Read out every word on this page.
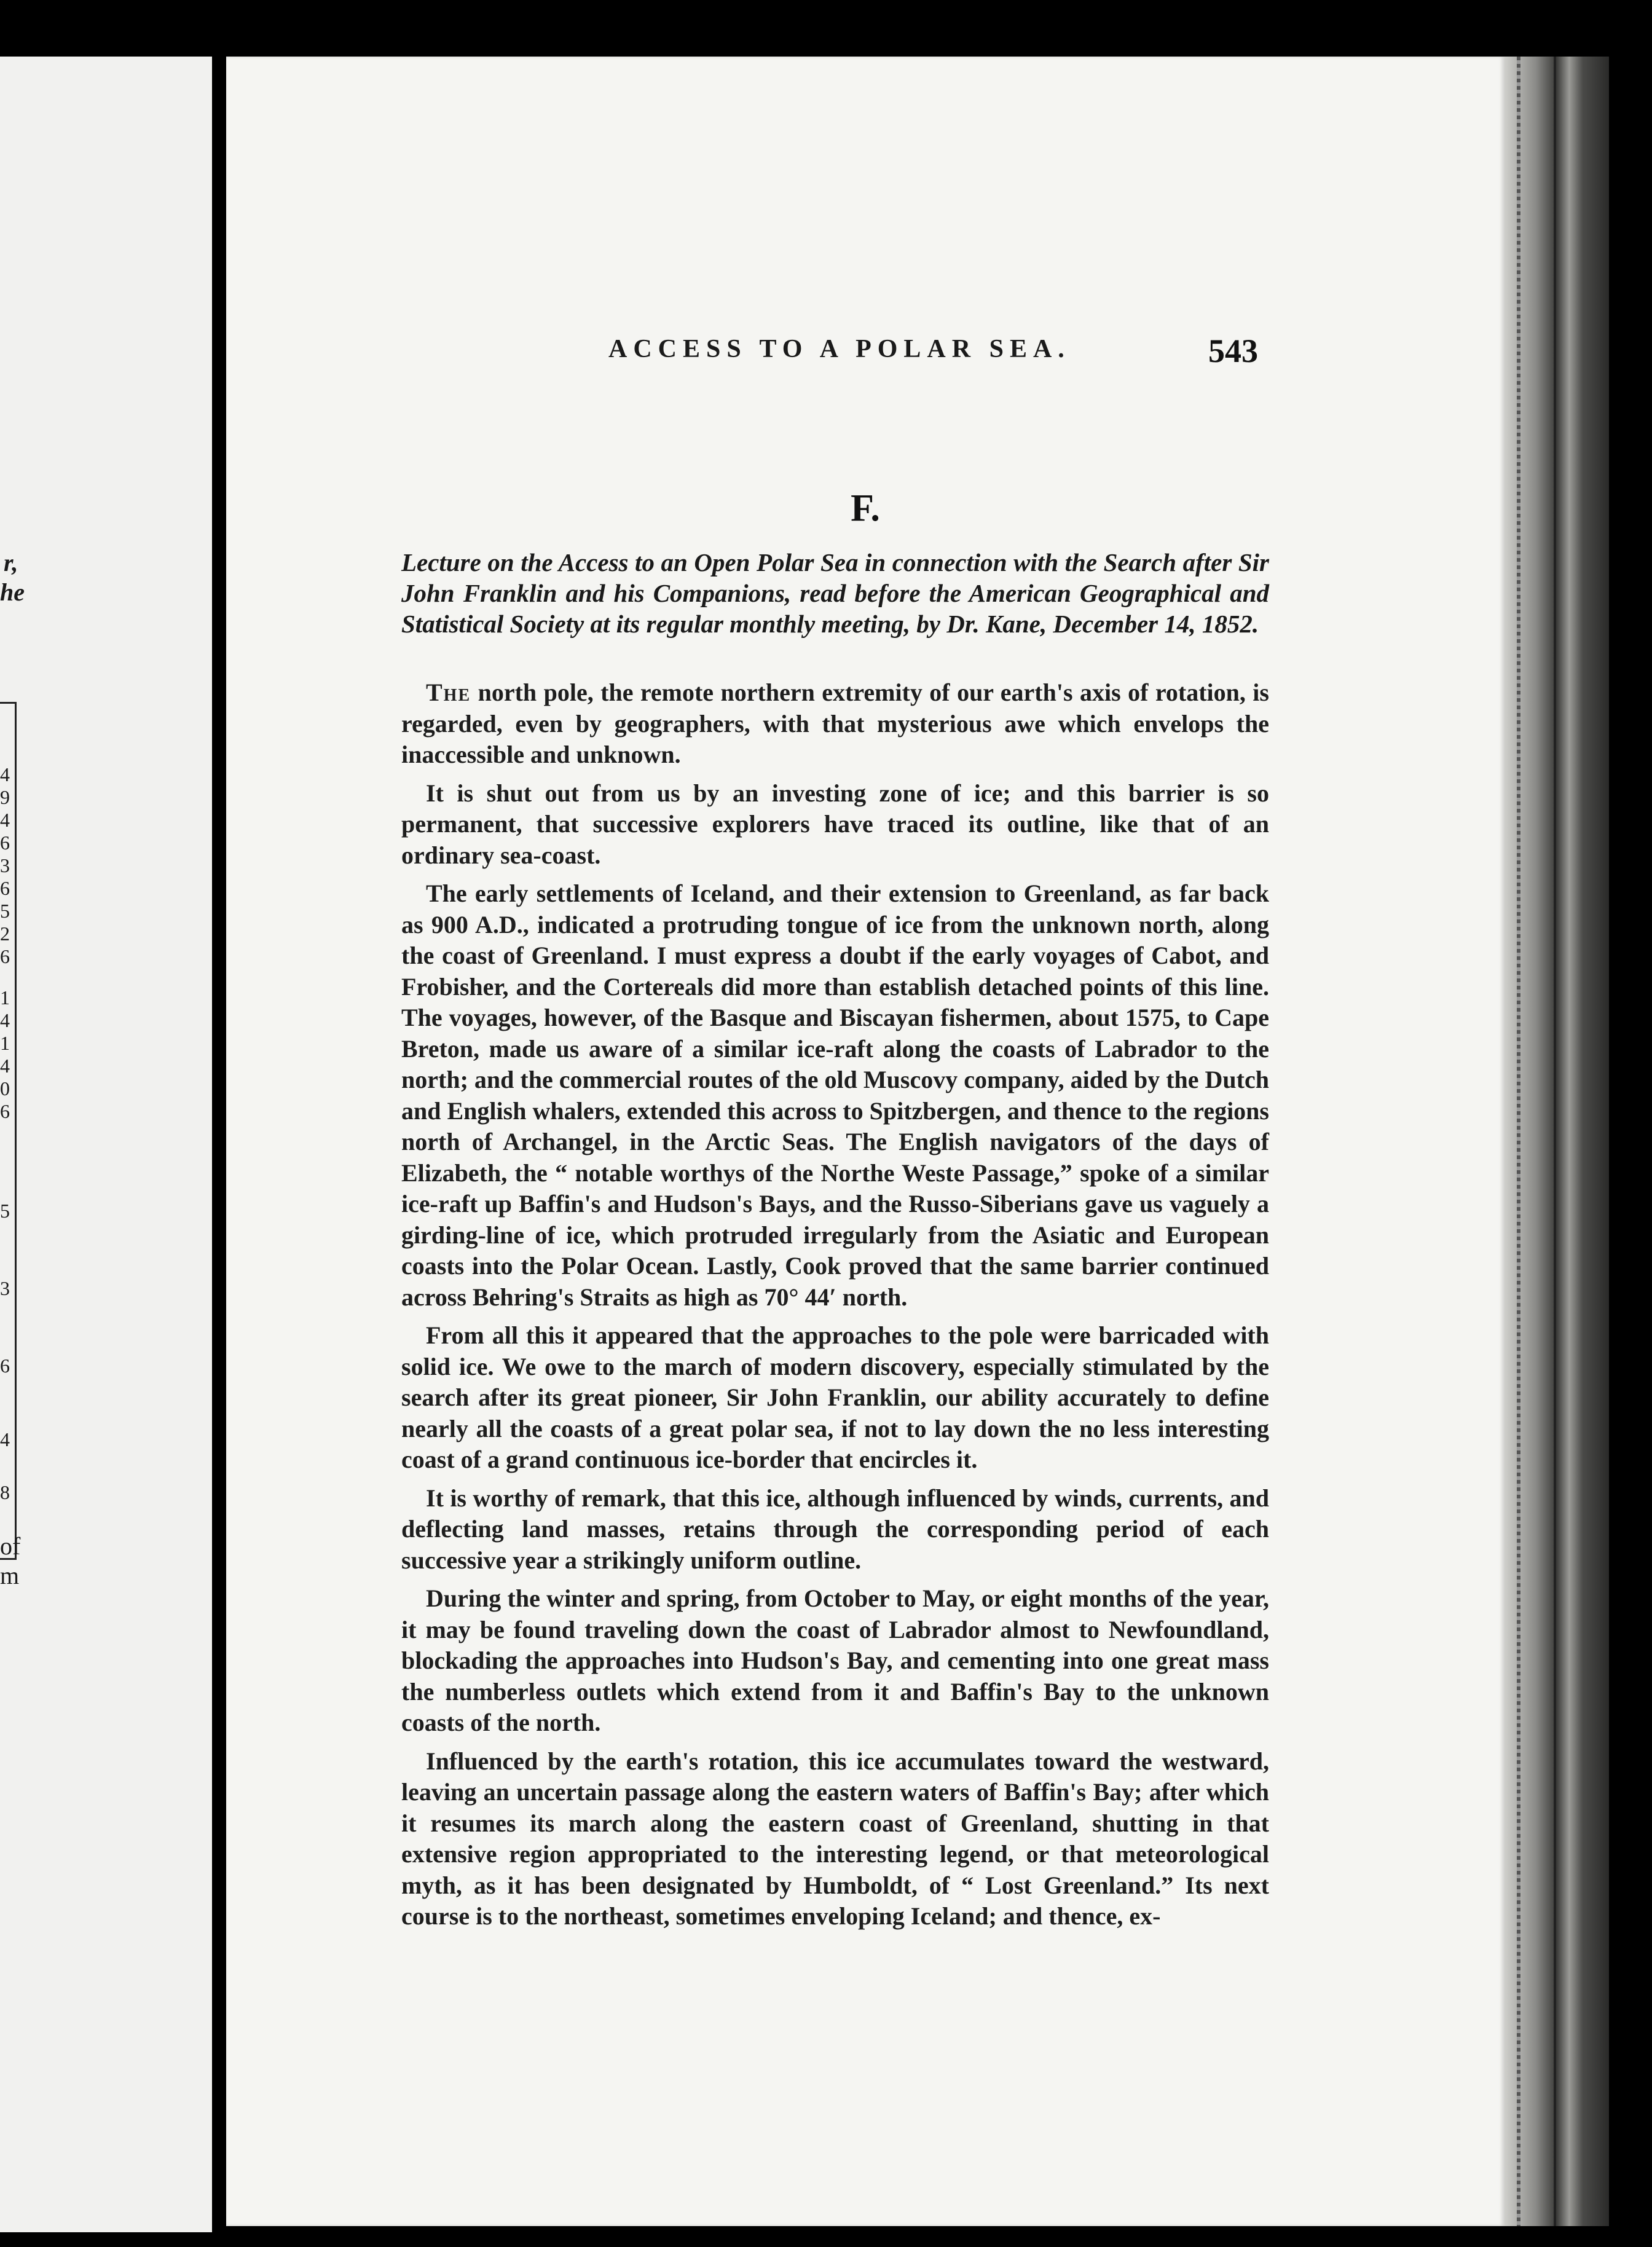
r,
he
4
9
4
6
3
6
5
2
6
1
4
1
4
0
6
5
3
6
4
8
of
m
ACCESS TO A POLAR SEA.	543
F.
Lecture on the Access to an Open Polar Sea in connection with the Search after Sir John Franklin and his Companions, read before the American Geographical and Statistical Society at its regular monthly meeting, by Dr. Kane, December 14, 1852.

The north pole, the remote northern extremity of our earth's axis of rotation, is regarded, even by geographers, with that mysterious awe which envelops the inaccessible and unknown.

It is shut out from us by an investing zone of ice; and this barrier is so permanent, that successive explorers have traced its outline, like that of an ordinary sea-coast.

The early settlements of Iceland, and their extension to Greenland, as far back as 900 A.D., indicated a protruding tongue of ice from the unknown north, along the coast of Greenland. I must express a doubt if the early voyages of Cabot, and Frobisher, and the Cortereals did more than establish detached points of this line. The voyages, however, of the Basque and Biscayan fishermen, about 1575, to Cape Breton, made us aware of a similar ice-raft along the coasts of Labrador to the north; and the commercial routes of the old Muscovy company, aided by the Dutch and English whalers, extended this across to Spitzbergen, and thence to the regions north of Archangel, in the Arctic Seas. The English navigators of the days of Elizabeth, the “ notable worthys of the Northe Weste Passage,” spoke of a similar ice-raft up Baffin's and Hudson's Bays, and the Russo-Siberians gave us vaguely a girding-line of ice, which protruded irregularly from the Asiatic and European coasts into the Polar Ocean. Lastly, Cook proved that the same barrier continued across Behring's Straits as high as 70° 44′ north.

From all this it appeared that the approaches to the pole were barricaded with solid ice. We owe to the march of modern discovery, especially stimulated by the search after its great pioneer, Sir John Franklin, our ability accurately to define nearly all the coasts of a great polar sea, if not to lay down the no less interesting coast of a grand continuous ice-border that encircles it.

It is worthy of remark, that this ice, although influenced by winds, currents, and deflecting land masses, retains through the corresponding period of each successive year a strikingly uniform outline.

During the winter and spring, from October to May, or eight months of the year, it may be found traveling down the coast of Labrador almost to Newfoundland, blockading the approaches into Hudson's Bay, and cementing into one great mass the numberless outlets which extend from it and Baffin's Bay to the unknown coasts of the north.

Influenced by the earth's rotation, this ice accumulates toward the westward, leaving an uncertain passage along the eastern waters of Baffin's Bay; after which it resumes its march along the eastern coast of Greenland, shutting in that extensive region appropriated to the interesting legend, or that meteorological myth, as it has been designated by Humboldt, of “ Lost Greenland.” Its next course is to the northeast, sometimes enveloping Iceland; and thence, ex-
